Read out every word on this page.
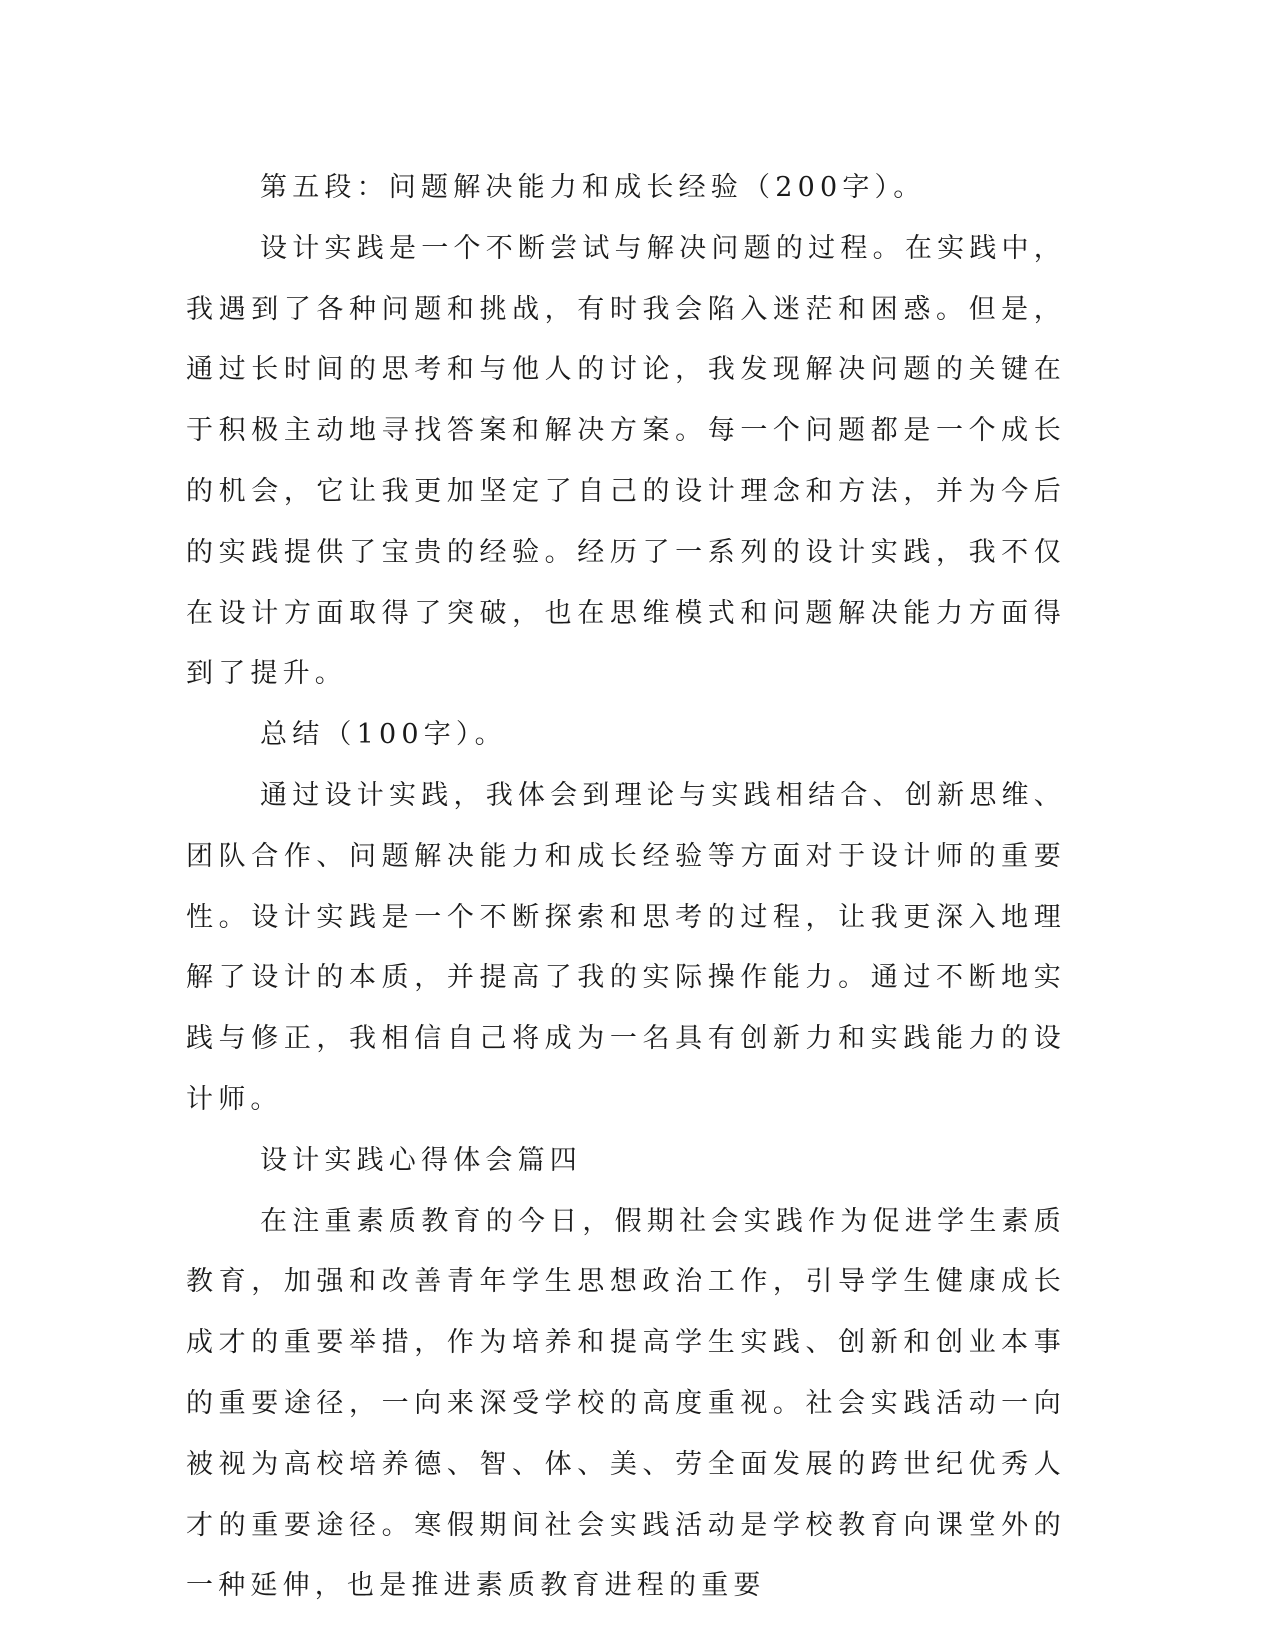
第五段：问题解决能力和成长经验（200字）。

设计实践是一个不断尝试与解决问题的过程。在实践中，我遇到了各种问题和挑战，有时我会陷入迷茫和困惑。但是，通过长时间的思考和与他人的讨论，我发现解决问题的关键在于积极主动地寻找答案和解决方案。每一个问题都是一个成长的机会，它让我更加坚定了自己的设计理念和方法，并为今后的实践提供了宝贵的经验。经历了一系列的设计实践，我不仅在设计方面取得了突破，也在思维模式和问题解决能力方面得到了提升。

总结（100字）。

通过设计实践，我体会到理论与实践相结合、创新思维、团队合作、问题解决能力和成长经验等方面对于设计师的重要性。设计实践是一个不断探索和思考的过程，让我更深入地理解了设计的本质，并提高了我的实际操作能力。通过不断地实践与修正，我相信自己将成为一名具有创新力和实践能力的设计师。

设计实践心得体会篇四

在注重素质教育的今日，假期社会实践作为促进学生素质教育，加强和改善青年学生思想政治工作，引导学生健康成长成才的重要举措，作为培养和提高学生实践、创新和创业本事的重要途径，一向来深受学校的高度重视。社会实践活动一向被视为高校培养德、智、体、美、劳全面发展的跨世纪优秀人才的重要途径。寒假期间社会实践活动是学校教育向课堂外的一种延伸，也是推进素质教育进程的重要
